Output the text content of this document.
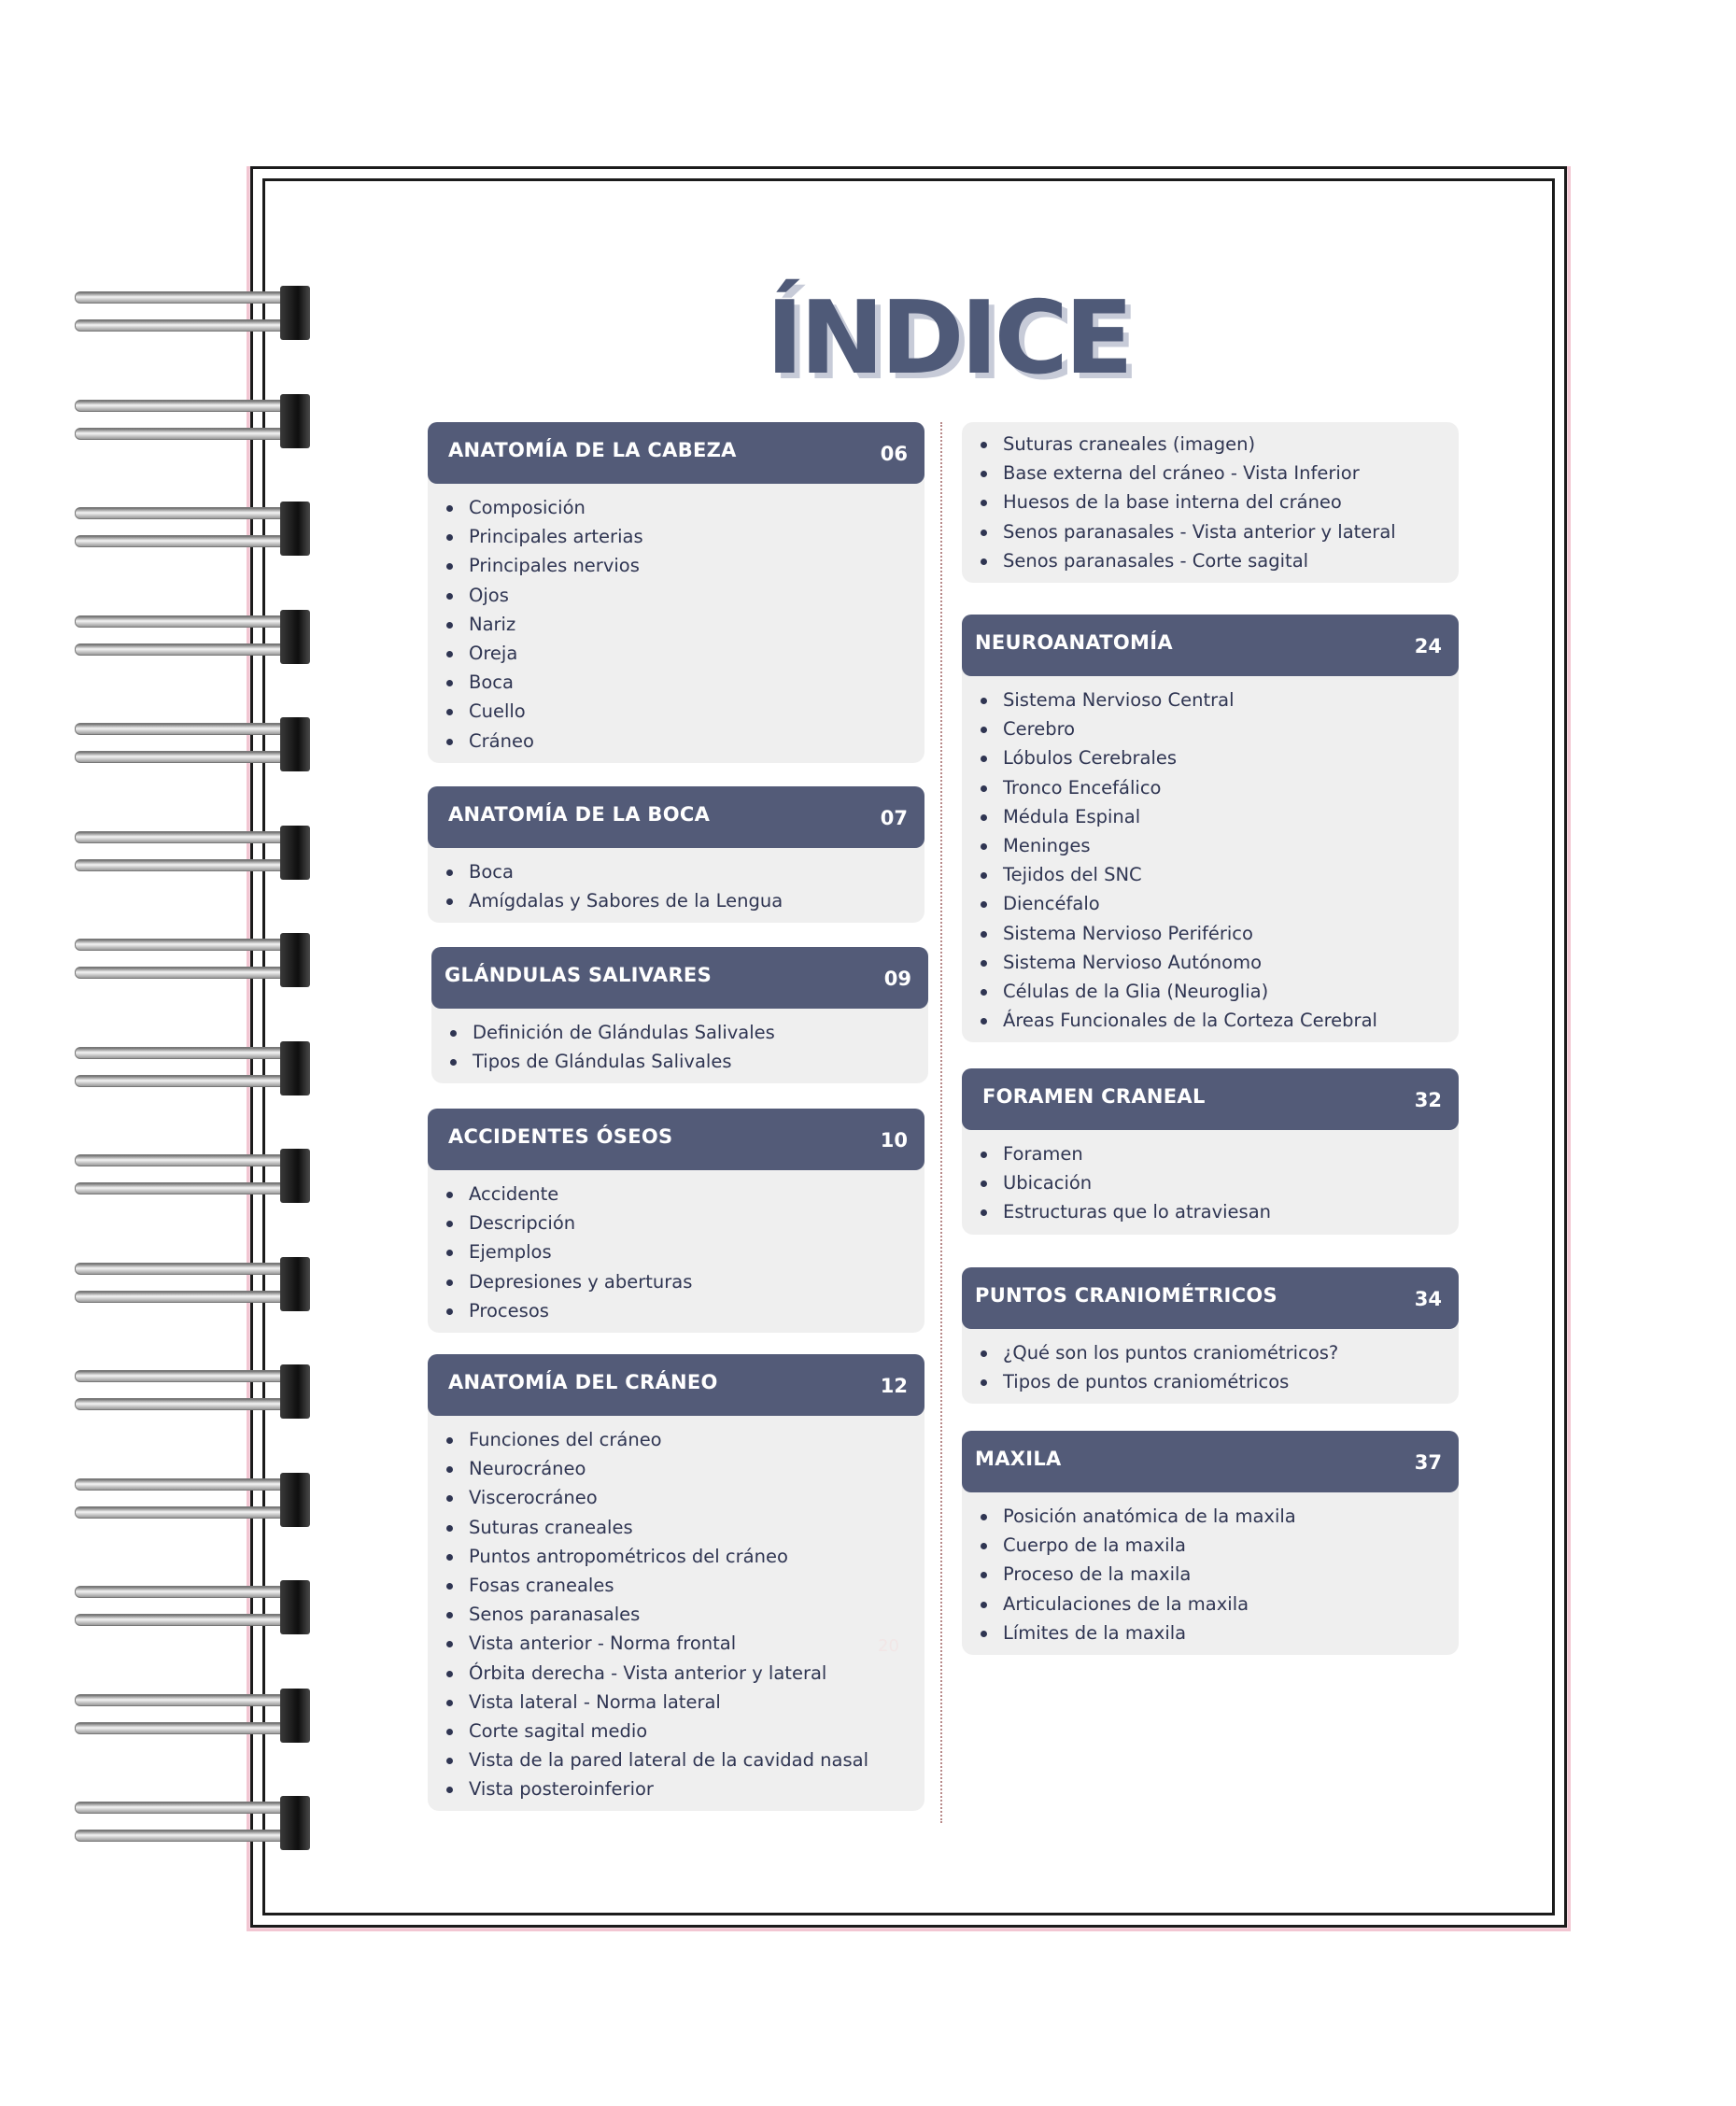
ÍNDICE
ANATOMÍA DE LA CABEZA	06
Composición
Principales arterias
Principales nervios
Ojos
Nariz
Oreja
Boca
Cuello
Cráneo
ANATOMÍA DE LA BOCA	07
Boca
Amígdalas y Sabores de la Lengua
GLÁNDULAS SALIVARES	09
Definición de Glándulas Salivales
Tipos de Glándulas Salivales
ACCIDENTES ÓSEOS	10
Accidente
Descripción
Ejemplos
Depresiones y aberturas
Procesos
ANATOMÍA DEL CRÁNEO	12
Funciones del cráneo
Neurocráneo
Viscerocráneo
Suturas craneales
Puntos antropométricos del cráneo
Fosas craneales
Senos paranasales
Vista anterior - Norma frontal
Órbita derecha - Vista anterior y lateral
Vista lateral - Norma lateral
Corte sagital medio
Vista de la pared lateral de la cavidad nasal
Vista posteroinferior
Suturas craneales (imagen)
Base externa del cráneo - Vista Inferior
Huesos de la base interna del cráneo
Senos paranasales - Vista anterior y lateral
Senos paranasales - Corte sagital
NEUROANATOMÍA	24
Sistema Nervioso Central
Cerebro
Lóbulos Cerebrales
Tronco Encefálico
Médula Espinal
Meninges
Tejidos del SNC
Diencéfalo
Sistema Nervioso Periférico
Sistema Nervioso Autónomo
Células de la Glia (Neuroglia)
Áreas Funcionales de la Corteza Cerebral
FORAMEN CRANEAL	32
Foramen
Ubicación
Estructuras que lo atraviesan
PUNTOS CRANIOMÉTRICOS	34
¿Qué son los puntos craniométricos?
Tipos de puntos craniométricos
MAXILA	37
Posición anatómica de la maxila
Cuerpo de la maxila
Proceso de la maxila
Articulaciones de la maxila
Límites de la maxila
20
